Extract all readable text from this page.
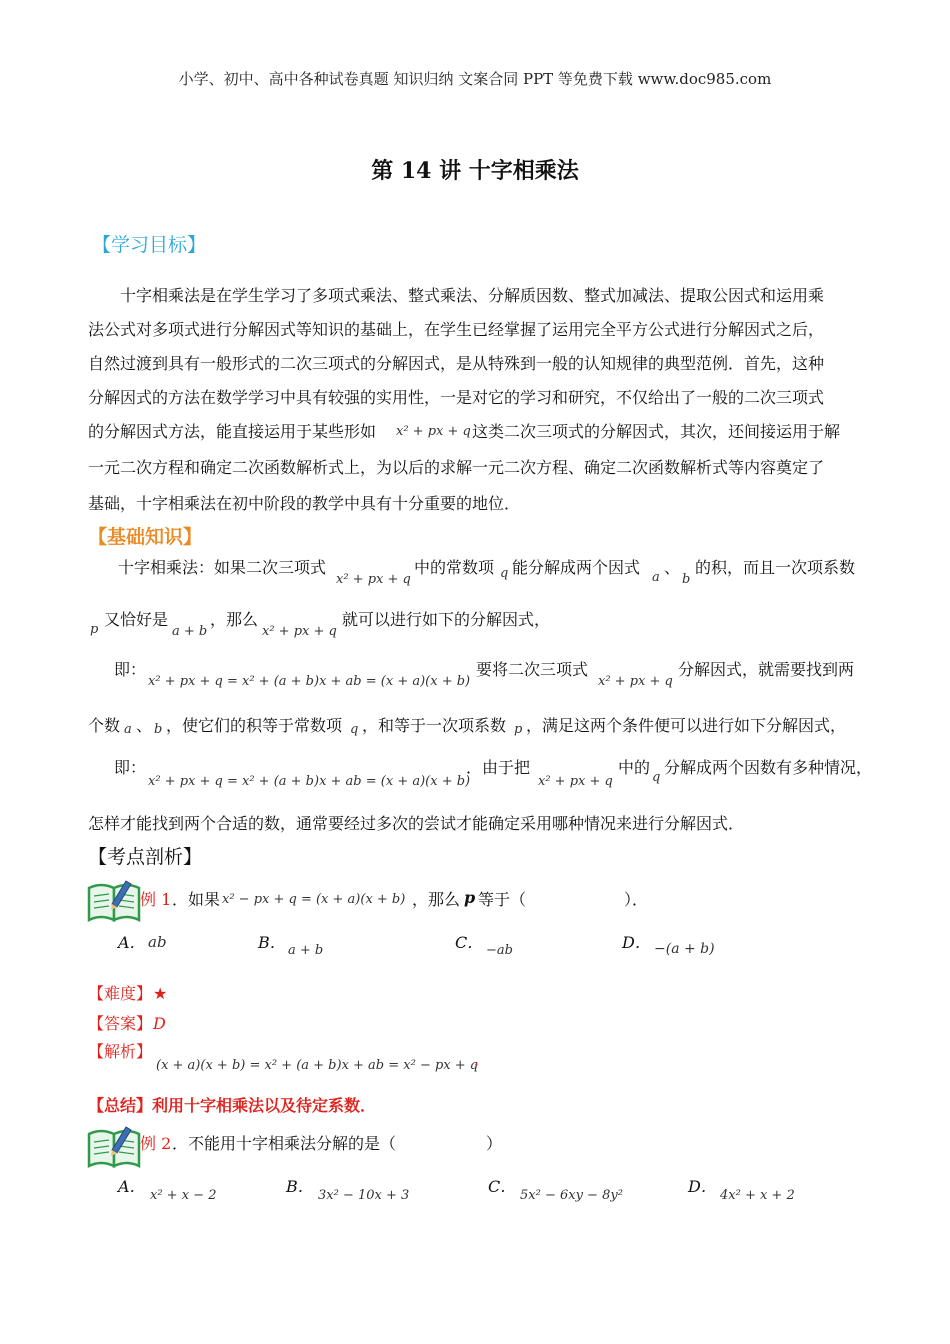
小学、初中、高中各种试卷真题 知识归纳 文案合同 PPT 等免费下载 www.doc985.com
第 14 讲 十字相乘法
【学习目标】
十字相乘法是在学生学习了多项式乘法、整式乘法、分解质因数、整式加减法、提取公因式和运用乘
法公式对多项式进行分解因式等知识的基础上，在学生已经掌握了运用完全平方公式进行分解因式之后，
自然过渡到具有一般形式的二次三项式的分解因式，是从特殊到一般的认知规律的典型范例．首先，这种
分解因式的方法在数学学习中具有较强的实用性，一是对它的学习和研究，不仅给出了一般的二次三项式
的分解因式方法，能直接运用于某些形如 x² + px + q 这类二次三项式的分解因式，其次，还间接运用于解
一元二次方程和确定二次函数解析式上，为以后的求解一元二次方程、确定二次函数解析式等内容奠定了
基础，十字相乘法在初中阶段的教学中具有十分重要的地位．
【基础知识】
十字相乘法：如果二次三项式
x² + px + q
中的常数项 q 能分解成两个因式
a
、
b
的积，而且一次项系数
p
又恰好是
a + b
，那么
x² + px + q
就可以进行如下的分解因式，
即：
x² + px + q = x² + (a + b)x + ab = (x + a)(x + b)
要将二次三项式
x² + px + q
分解因式，就需要找到两
个数 a 、 b ，使它们的积等于常数项 q ，和等于一次项系数 p ，满足这两个条件便可以进行如下分解因式，
即：
x² + px + q = x² + (a + b)x + ab = (x + a)(x + b)
．由于把
x² + px + q
中的
q
分解成两个因数有多种情况，
怎样才能找到两个合适的数，通常要经过多次的尝试才能确定采用哪种情况来进行分解因式．
【考点剖析】
例 1 ．如果 x² − px + q = (x + a)(x + b) ，那么 p 等于（	）．
A． ab	B． a + b	C． −ab	D． −(a + b)
【难度】 ★
【答案】 D
【解析】
(x + a)(x + b) = x² + (a + b)x + ab = x² − px + q
．
【总结】利用十字相乘法以及待定系数．
例 2 ．不能用十字相乘法分解的是（	）
A． x² + x − 2	B． 3x² − 10x + 3	C． 5x² − 6xy − 8y²	D． 4x² + x + 2
